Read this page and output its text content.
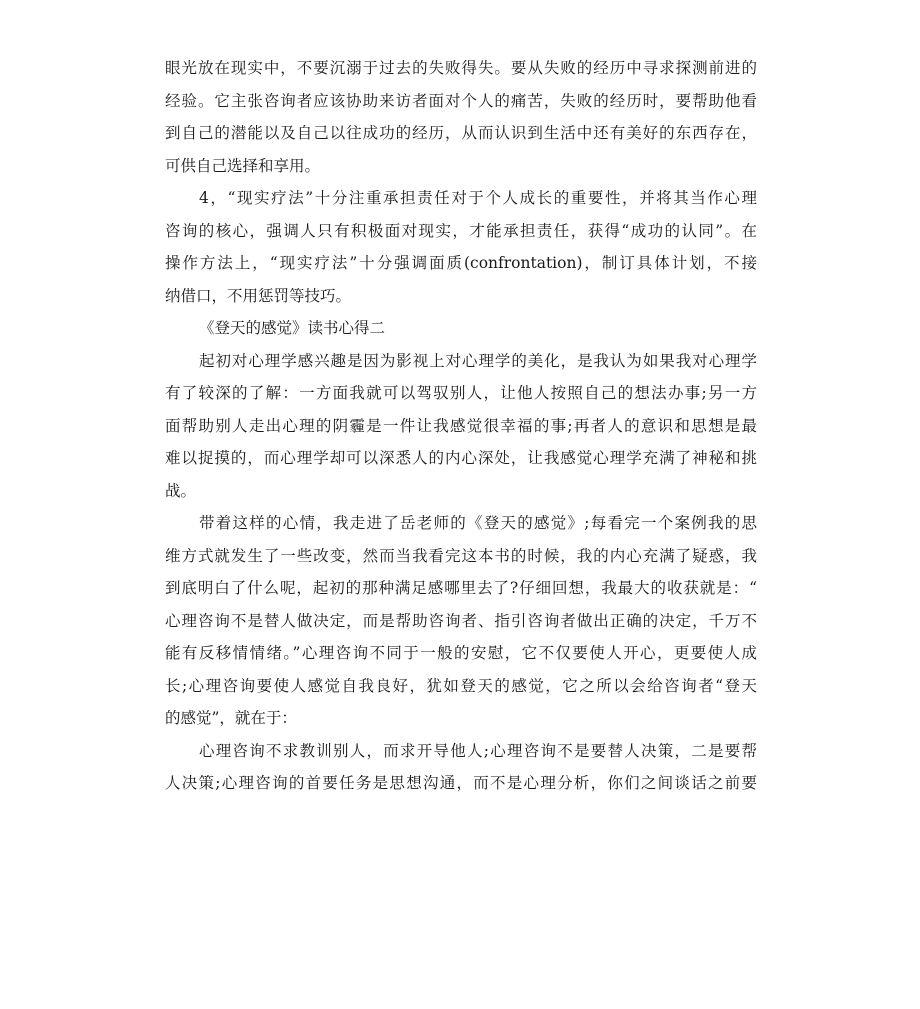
眼光放在现实中，不要沉溺于过去的失败得失。要从失败的经历中寻求探测前进的
经验。它主张咨询者应该协助来访者面对个人的痛苦，失败的经历时，要帮助他看
到自己的潜能以及自己以往成功的经历，从而认识到生活中还有美好的东西存在，
可供自己选择和享用。
4，“现实疗法”十分注重承担责任对于个人成长的重要性，并将其当作心理
咨询的核心，强调人只有积极面对现实，才能承担责任，获得“成功的认同”。在
操作方法上，“现实疗法”十分强调面质(confrontation)，制订具体计划，不接
纳借口，不用惩罚等技巧。
《登天的感觉》读书心得二
起初对心理学感兴趣是因为影视上对心理学的美化，是我认为如果我对心理学
有了较深的了解：一方面我就可以驾驭别人，让他人按照自己的想法办事;另一方
面帮助别人走出心理的阴霾是一件让我感觉很幸福的事;再者人的意识和思想是最
难以捉摸的，而心理学却可以深悉人的内心深处，让我感觉心理学充满了神秘和挑
战。
带着这样的心情，我走进了岳老师的《登天的感觉》;每看完一个案例我的思
维方式就发生了一些改变，然而当我看完这本书的时候，我的内心充满了疑惑，我
到底明白了什么呢，起初的那种满足感哪里去了?仔细回想，我最大的收获就是：“
心理咨询不是替人做决定，而是帮助咨询者、指引咨询者做出正确的决定，千万不
能有反移情情绪。”心理咨询不同于一般的安慰，它不仅要使人开心，更要使人成
长;心理咨询要使人感觉自我良好，犹如登天的感觉，它之所以会给咨询者“登天
的感觉”，就在于：
心理咨询不求教训别人，而求开导他人;心理咨询不是要替人决策，二是要帮
人决策;心理咨询的首要任务是思想沟通，而不是心理分析，你们之间谈话之前要
